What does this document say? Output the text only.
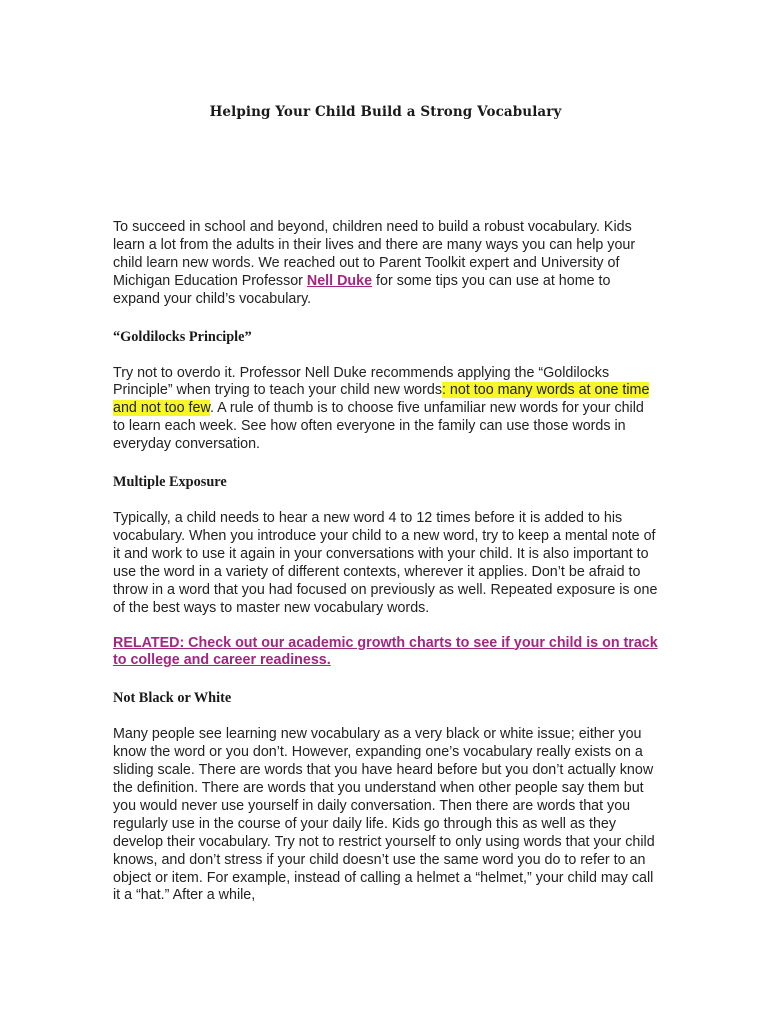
Helping Your Child Build a Strong Vocabulary

To succeed in school and beyond, children need to build a robust vocabulary. Kids learn a lot from the adults in their lives and there are many ways you can help your child learn new words. We reached out to Parent Toolkit expert and University of Michigan Education Professor Nell Duke for some tips you can use at home to expand your child’s vocabulary.

“Goldilocks Principle”

Try not to overdo it. Professor Nell Duke recommends applying the “Goldilocks Principle” when trying to teach your child new words: not too many words at one time and not too few. A rule of thumb is to choose five unfamiliar new words for your child to learn each week. See how often everyone in the family can use those words in everyday conversation.

Multiple Exposure

Typically, a child needs to hear a new word 4 to 12 times before it is added to his vocabulary. When you introduce your child to a new word, try to keep a mental note of it and work to use it again in your conversations with your child. It is also important to use the word in a variety of different contexts, wherever it applies. Don’t be afraid to throw in a word that you had focused on previously as well. Repeated exposure is one of the best ways to master new vocabulary words.

RELATED: Check out our academic growth charts to see if your child is on track to college and career readiness.

Not Black or White

Many people see learning new vocabulary as a very black or white issue; either you know the word or you don’t. However, expanding one’s vocabulary really exists on a sliding scale. There are words that you have heard before but you don’t actually know the definition. There are words that you understand when other people say them but you would never use yourself in daily conversation. Then there are words that you regularly use in the course of your daily life. Kids go through this as well as they develop their vocabulary. Try not to restrict yourself to only using words that your child knows, and don’t stress if your child doesn’t use the same word you do to refer to an object or item. For example, instead of calling a helmet a “helmet,” your child may call it a “hat.” After a while,
